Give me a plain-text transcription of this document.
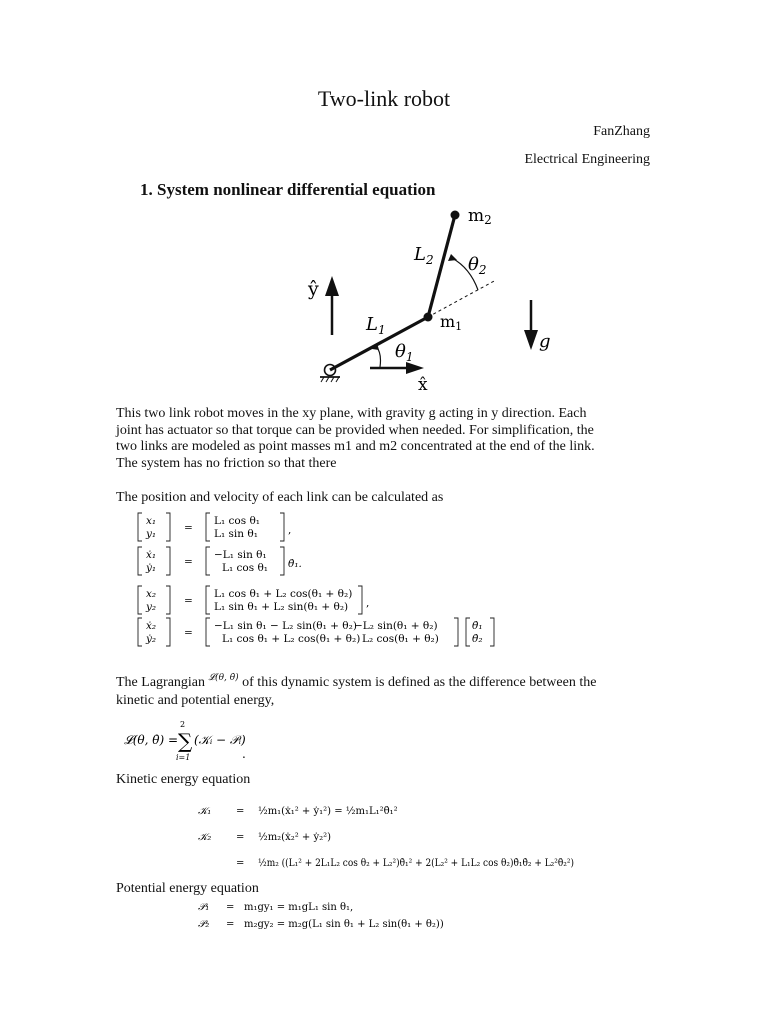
Two-link robot
FanZhang
Electrical Engineering
1. System nonlinear differential equation
ŷ
x̂
$\theta_1$
$\theta_2$
$L_1$
$L_2$
m1
m2
g
This two link robot moves in the xy plane, with gravity g acting in y direction. Each
joint has actuator so that torque can be provided when needed. For simplification, the
two links are modeled as point masses m1 and m2 concentrated at the end of the link.
The system has no friction so that there
The position and velocity of each link can be calculated as
x₁
y₁	=
L₁ cos θ₁
L₁ sin θ₁	,
ẋ₁
ẏ₁	=
−L₁ sin θ₁
L₁ cos θ₁ θ̇₁.
x₂
y₂	=
L₁ cos θ₁ + L₂ cos(θ₁ + θ₂)
L₁ sin θ₁ + L₂ sin(θ₁ + θ₂) ,
ẋ₂
ẏ₂	=
−L₁ sin θ₁ − L₂ sin(θ₁ + θ₂)
−L₂ sin(θ₁ + θ₂)
L₁ cos θ₁ + L₂ cos(θ₁ + θ₂) L₂ cos(θ₁ + θ₂)
θ̇₁
θ̇₂
The Lagrangian $^{𝓛(\theta, \thetȧ)}$ of this dynamic system is defined as the difference between the
kinetic and potential energy,
𝓛(θ, θ̇) =
2
∑
i=1
(𝒦ᵢ − 𝒫ᵢ)
.
Kinetic energy equation
𝒦₁ = ½m₁(ẋ₁² + ẏ₁²) = ½m₁L₁²θ̇₁²
𝒦₂ = ½m₂(ẋ₂² + ẏ₂²)
= ½m₂ ((L₁² + 2L₁L₂ cos θ₂ + L₂²)θ̇₁² + 2(L₂² + L₁L₂ cos θ₂)θ̇₁θ̇₂ + L₂²θ̇₂²)
Potential energy equation
𝒫₁ = m₁gy₁ = m₁gL₁ sin θ₁,
𝒫₂ = m₂gy₂ = m₂g(L₁ sin θ₁ + L₂ sin(θ₁ + θ₂))
